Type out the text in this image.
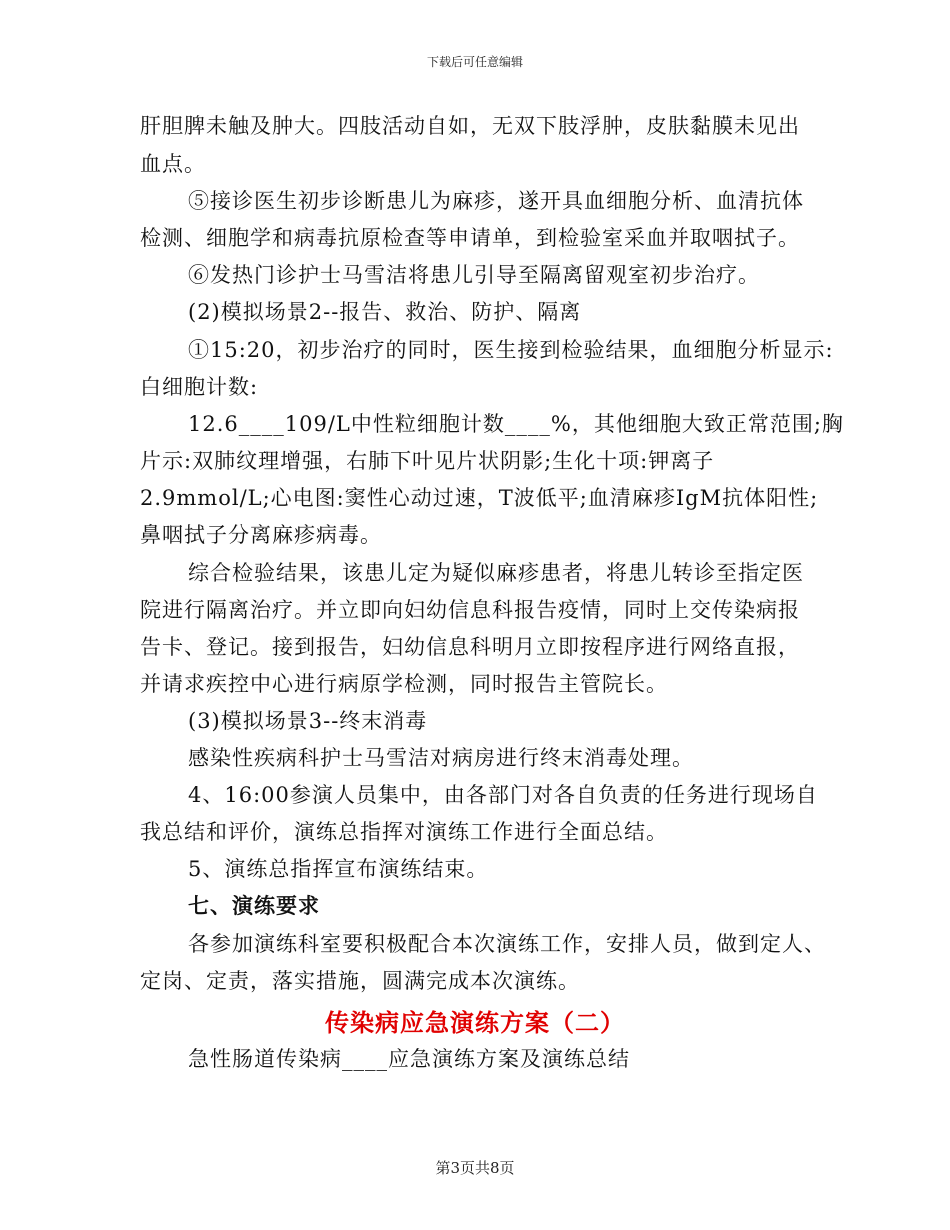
下载后可任意编辑
肝胆脾未触及肿大。四肢活动自如，无双下肢浮肿，皮肤黏膜未见出
血点。
⑤接诊医生初步诊断患儿为麻疹，遂开具血细胞分析、血清抗体
检测、细胞学和病毒抗原检查等申请单，到检验室采血并取咽拭子。
⑥发热门诊护士马雪洁将患儿引导至隔离留观室初步治疗。
(2)模拟场景2--报告、救治、防护、隔离
①15:20，初步治疗的同时，医生接到检验结果，血细胞分析显示:
白细胞计数:
12.6____109/L中性粒细胞计数____%，其他细胞大致正常范围;胸
片示:双肺纹理增强，右肺下叶见片状阴影;生化十项:钾离子
2.9mmol/L;心电图:窦性心动过速，T波低平;血清麻疹IgM抗体阳性;
鼻咽拭子分离麻疹病毒。
综合检验结果，该患儿定为疑似麻疹患者，将患儿转诊至指定医
院进行隔离治疗。并立即向妇幼信息科报告疫情，同时上交传染病报
告卡、登记。接到报告，妇幼信息科明月立即按程序进行网络直报，
并请求疾控中心进行病原学检测，同时报告主管院长。
(3)模拟场景3--终末消毒
感染性疾病科护士马雪洁对病房进行终末消毒处理。
4、16:00参演人员集中，由各部门对各自负责的任务进行现场自
我总结和评价，演练总指挥对演练工作进行全面总结。
5、演练总指挥宣布演练结束。
七、演练要求
各参加演练科室要积极配合本次演练工作，安排人员，做到定人、
定岗、定责，落实措施，圆满完成本次演练。
传染病应急演练方案（二）
急性肠道传染病____应急演练方案及演练总结
第3页共8页
